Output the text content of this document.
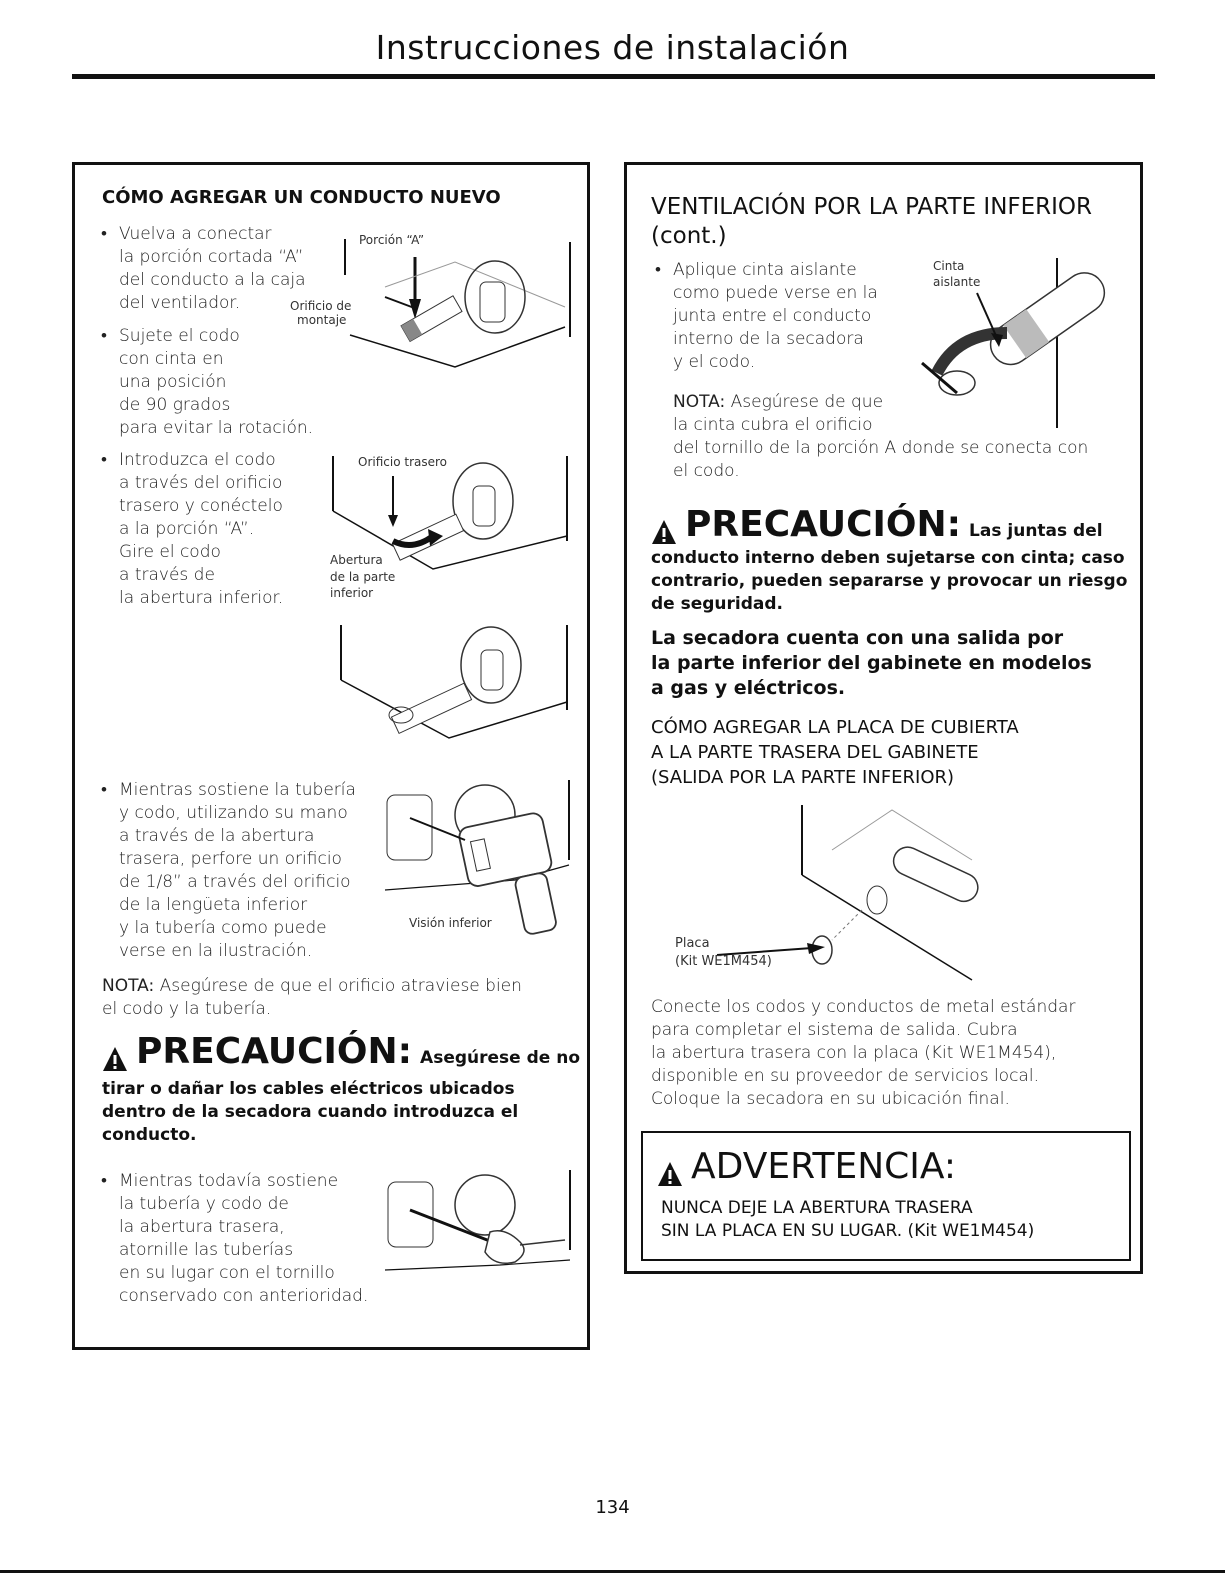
Instrucciones de instalación
CÓMO AGREGAR UN CONDUCTO NUEVO
• Vuelva a conectar
la porción cortada “A”
del conducto a la caja
del ventilador.
• Sujete el codo
con cinta en
una posición
de 90 grados
para evitar la rotación.
• Introduzca el codo
a través del orificio
trasero y conéctelo
a la porción “A”.
Gire el codo
a través de
la abertura inferior.
Porción “A”
Orificio de
montaje
Orificio trasero
Abertura
de la parte
inferior
• Mientras sostiene la tubería
y codo, utilizando su mano
a través de la abertura
trasera, perfore un orificio
de 1/8” a través del orificio
de la lengüeta inferior
y la tubería como puede
verse en la ilustración.
Visión inferior
NOTA: Asegúrese de que el orificio atraviese bien
el codo y la tubería.
PRECAUCIÓN: Asegúrese de no
tirar o dañar los cables eléctricos ubicados
dentro de la secadora cuando introduzca el
conducto.
• Mientras todavía sostiene
la tubería y codo de
la abertura trasera,
atornille las tuberías
en su lugar con el tornillo
conservado con anterioridad.
VENTILACIÓN POR LA PARTE INFERIOR
(cont.)
• Aplique cinta aislante
como puede verse en la
junta entre el conducto
interno de la secadora
y el codo.
Cinta
aislante
NOTA: Asegúrese de que
la cinta cubra el orificio
del tornillo de la porción A donde se conecta con
el codo.
PRECAUCIÓN: Las juntas del
conducto interno deben sujetarse con cinta; caso
contrario, pueden separarse y provocar un riesgo
de seguridad.
La secadora cuenta con una salida por
la parte inferior del gabinete en modelos
a gas y eléctricos.
CÓMO AGREGAR LA PLACA DE CUBIERTA
A LA PARTE TRASERA DEL GABINETE
(SALIDA POR LA PARTE INFERIOR)
Placa
(Kit WE1M454)
Conecte los codos y conductos de metal estándar
para completar el sistema de salida. Cubra
la abertura trasera con la placa (Kit WE1M454),
disponible en su proveedor de servicios local.
Coloque la secadora en su ubicación final.
ADVERTENCIA:
NUNCA DEJE LA ABERTURA TRASERA
SIN LA PLACA EN SU LUGAR. (Kit WE1M454)
134
